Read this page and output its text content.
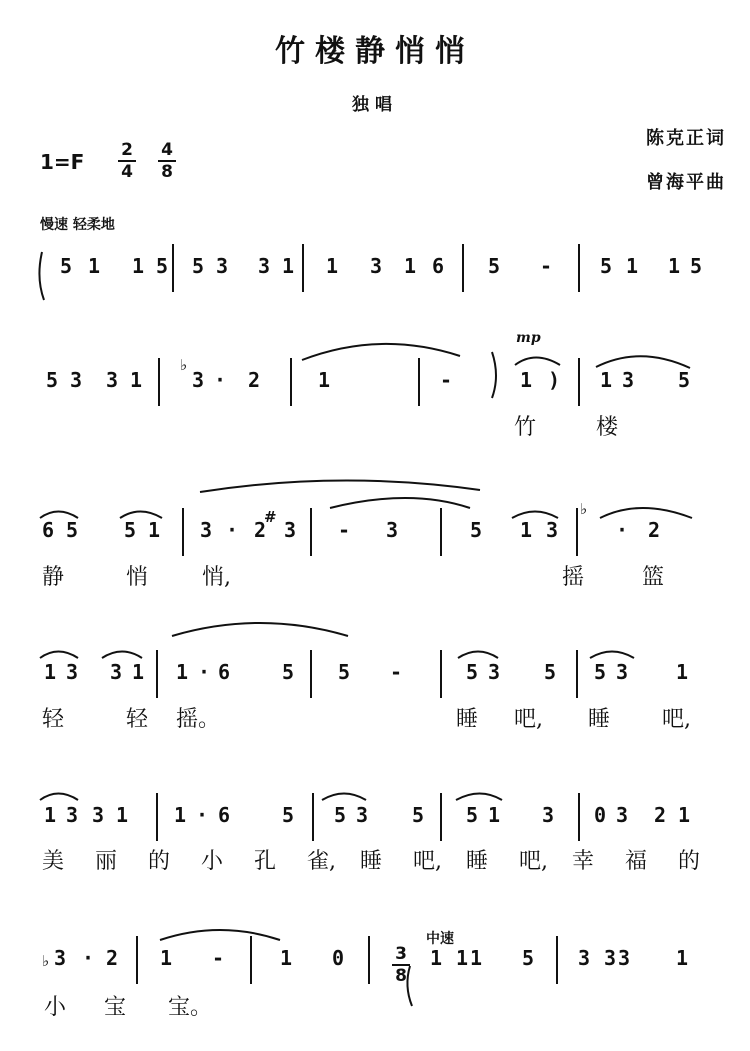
竹楼静悄悄
独唱
陈克正词
曾海平曲
1=F 2
4
4
8
慢速 轻柔地
5 1 1 5 5 3 3 1 1 3 1 6 5 - 5 1 1 5
5 3 3 1 3 · 2	1	-	1 ) 1 3 5
竹	楼
mp
6 5 5 1 3 · 2 3 - 3	5 1 3	· 2
静	悄 悄,	摇	篮
1 3 3 1 1 · 6	5 5 -	5 3 5 5 3 1
轻	轻 摇。	睡 吧, 睡 吧,
1 3 3 1 1 · 6	5 5 3 5 5 1 3 0 3 2 1
美 丽 的 小 孔 雀, 睡 吧, 睡 吧, 幸 福 的
3 · 2 1 -	1 0	1 1 1 5 3 3 3 1
小 宝 宝。
中速
3
8
♭
♭
#
♭
